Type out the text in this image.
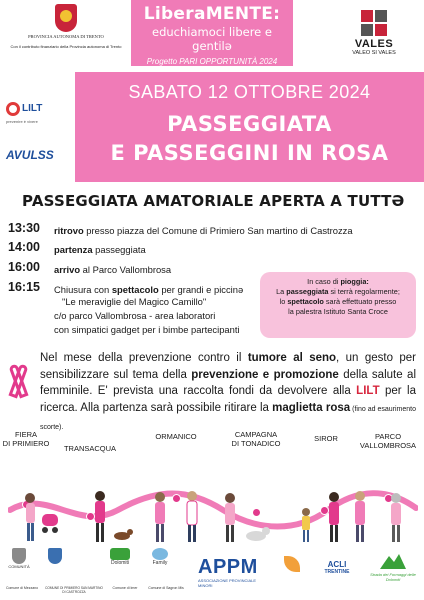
PROVINCIA AUTONOMA DI TRENTO
Con il contributo finanziario della Provincia autonoma di Trento
LiberaMENTE:
educhiamoci libere e gentilə
Progetto PARI OPPORTUNITÀ 2024
VALES
VALEO SI VALES
LILT
prevenire è vivere
AVULSS
SABATO 12 OTTOBRE 2024
PASSEGGIATA
E PASSEGGINI IN ROSA
PASSEGGIATA AMATORIALE APERTA A TUTTƏ
13:30	ritrovo presso piazza del Comune di Primiero San martino di Castrozza
14:00	partenza passeggiata
16:00	arrivo al Parco Vallombrosa
16:15	Chiusura con spettacolo per grandi e piccinə
"Le meraviglie del Magico Camillo"
c/o parco Vallombrosa - area laboratori
con simpatici gadget per i bimbe partecipanti
In caso di pioggia:
La passeggiata si terrà regolarmente;
lo spettacolo sarà effettuato presso
la palestra Istituto Santa Croce
Nel mese della prevenzione contro il tumore al seno, un gesto per sensibilizzare sul tema della prevenzione e promozione della salute al femminile. E' prevista una raccolta fondi da devolvere alla LILT per la ricerca. Alla partenza sarà possibile ritirare la maglietta rosa (fino ad esaurimento scorte).
FIERA
DI PRIMIERO
TRANSACQUA
ORMANICO	CAMPAGNA
DI TONADICO
SIROR	PARCO
VALLOMBROSA
COMUNITÀ
Dolomiti	Family	APPM
ASSOCIAZIONE PROVINCIALE MINORI
ACLI
TRENTINE	Strada dei Formaggi delle Dolomiti
Comune di Mezzano	COMUNE DI PRIMIERO SAN MARTINO DI CASTROZZA
Comune di Imer	Comune di Sagron Mis
